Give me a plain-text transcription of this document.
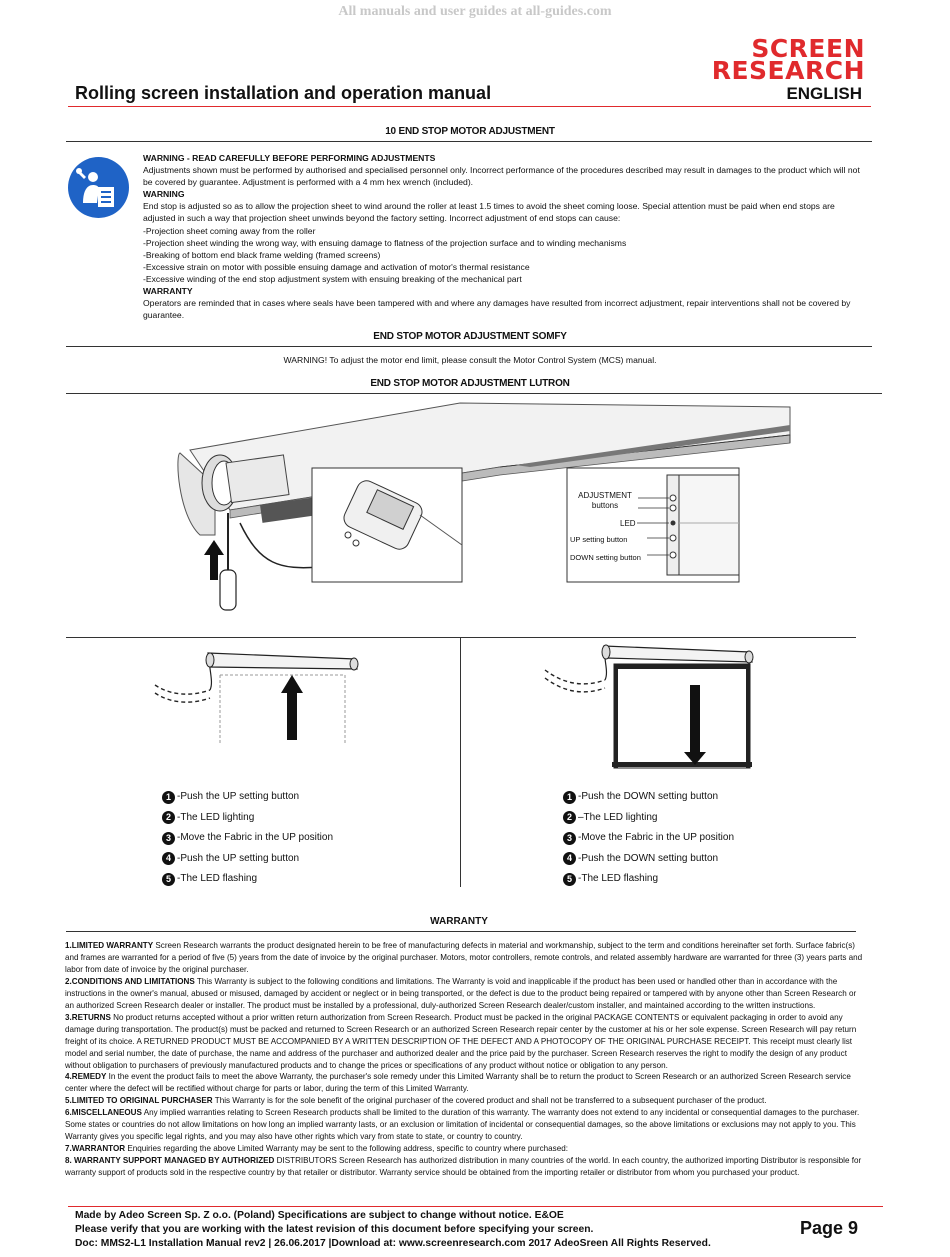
All manuals and user guides at all-guides.com
SCREEN
RESEARCH
ENGLISH
Rolling screen installation and operation manual
10 END STOP MOTOR ADJUSTMENT

WARNING - READ CAREFULLY BEFORE PERFORMING ADJUSTMENTS

Adjustments shown must be performed by authorised and specialised personnel only. Incorrect performance of the procedures described may result in damages to the product which will not be covered by guarantee. Adjustment is performed with a 4 mm hex wrench (included).

WARNING

End stop is adjusted so as to allow the projection sheet to wind around the roller at least 1.5 times to avoid the sheet coming loose. Special attention must be paid when end stops are adjusted in such a way that projection sheet unwinds beyond the factory setting. Incorrect adjustment of end stops can cause:

-Projection sheet coming away from the roller

-Projection sheet winding the wrong way, with ensuing damage to flatness of the projection surface and to winding mechanisms

-Breaking of bottom end black frame welding (framed screens)

-Excessive strain on motor with possible ensuing damage and activation of motor's thermal resistance

-Excessive winding of the end stop adjustment system with ensuing breaking of the mechanical part

WARRANTY

Operators are reminded that in cases where seals have been tampered with and where any damages have resulted from incorrect adjustment, repair interventions shall not be covered by guarantee.

END STOP MOTOR ADJUSTMENT SOMFY
WARNING! To adjust the motor end limit, please consult the Motor Control System (MCS) manual.
END STOP MOTOR ADJUSTMENT LUTRON
ADJUSTMENT
buttons
LED
UP setting button
DOWN setting button
1 -Push the UP setting button
2 -The LED lighting
3 -Move the Fabric in the UP position
4 -Push the UP setting button
5 -The LED flashing
1 -Push the DOWN setting button
2 –The LED lighting
3 -Move the Fabric in the UP position
4 -Push the DOWN setting button
5 -The LED flashing
WARRANTY

1.LIMITED WARRANTY Screen Research warrants the product designated herein to be free of manufacturing defects in material and workmanship, subject to the term and conditions hereinafter set forth. Surface fabric(s) and frames are warranted for a period of five (5) years from the date of invoice by the original purchaser. Motors, motor controllers, remote controls, and related assembly hardware are warranted for three (3) years parts and labor from date of invoice by the original purchaser.

2.CONDITIONS AND LIMITATIONS This Warranty is subject to the following conditions and limitations. The Warranty is void and inapplicable if the product has been used or handled other than in accordance with the instructions in the owner's manual, abused or misused, damaged by accident or neglect or in being transported, or the defect is due to the product being repaired or tampered with by anyone other than Screen Research or an authorized Screen Research dealer or installer. The product must be installed by a professional, duly-authorized Screen Research dealer/custom installer, and maintained according to the written instructions.

3.RETURNS No product returns accepted without a prior written return authorization from Screen Research. Product must be packed in the original PACKAGE CONTENTS or equivalent packaging in order to avoid any damage during transportation. The product(s) must be packed and returned to Screen Research or an authorized Screen Research repair center by the customer at his or her sole expense. Screen Research will pay return freight of its choice. A RETURNED PRODUCT MUST BE ACCOMPANIED BY A WRITTEN DESCRIPTION OF THE DEFECT AND A PHOTOCOPY OF THE ORIGINAL PURCHASE RECEIPT. This receipt must clearly list model and serial number, the date of purchase, the name and address of the purchaser and authorized dealer and the price paid by the purchaser. Screen Research reserves the right to modify the design of any product without obligation to purchasers of previously manufactured products and to change the prices or specifications of any product without notice or obligation to any person.

4.REMEDY In the event the product fails to meet the above Warranty, the purchaser's sole remedy under this Limited Warranty shall be to return the product to Screen Research or an authorized Screen Research service center where the defect will be rectified without charge for parts or labor, during the term of this Limited Warranty.

5.LIMITED TO ORIGINAL PURCHASER This Warranty is for the sole benefit of the original purchaser of the covered product and shall not be transferred to a subsequent purchaser of the product.

6.MISCELLANEOUS Any implied warranties relating to Screen Research products shall be limited to the duration of this warranty. The warranty does not extend to any incidental or consequential damages to the purchaser. Some states or countries do not allow limitations on how long an implied warranty lasts, or an exclusion or limitation of incidental or consequential damages, so the above limitations or exclusions may not apply to you. This Warranty gives you specific legal rights, and you may also have other rights which vary from state to state, or country to country.

7.WARRANTOR Enquiries regarding the above Limited Warranty may be sent to the following address, specific to country where purchased:

8. WARRANTY SUPPORT MANAGED BY AUTHORIZED DISTRIBUTORS Screen Research has authorized distribution in many countries of the world. In each country, the authorized importing Distributor is responsible for warranty support of products sold in the respective country by that retailer or distributor. Warranty service should be obtained from the importing retailer or distributor from whom you purchased your product.

Made by Adeo Screen Sp. Z o.o. (Poland) Specifications are subject to change without notice. E&OE
Please verify that you are working with the latest revision of this document before specifying your screen.
Doc: MMS2-L1 Installation Manual rev2 | 26.06.2017 |Download at: www.screenresearch.com 2017 AdeoSreen All Rights Reserved.
Page 9
